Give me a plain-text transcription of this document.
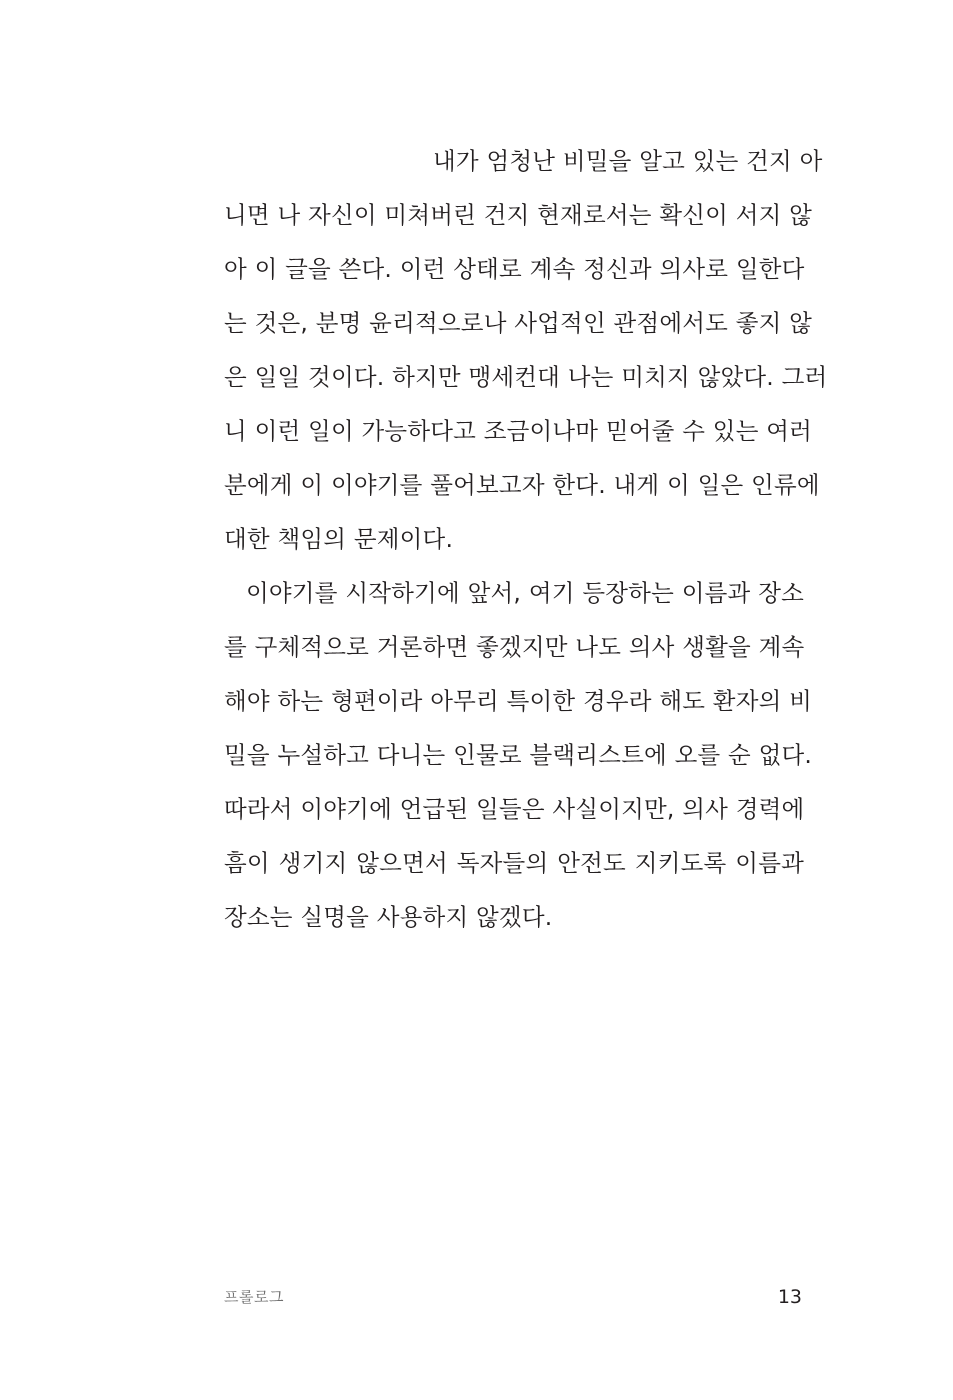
내가 엄청난 비밀을 알고 있는 건지 아
니면 나 자신이 미쳐버린 건지 현재로서는 확신이 서지 않
아 이 글을 쓴다. 이런 상태로 계속 정신과 의사로 일한다
는 것은, 분명 윤리적으로나 사업적인 관점에서도 좋지 않
은 일일 것이다. 하지만 맹세컨대 나는 미치지 않았다. 그러
니 이런 일이 가능하다고 조금이나마 믿어줄 수 있는 여러
분에게 이 이야기를 풀어보고자 한다. 내게 이 일은 인류에
대한 책임의 문제이다.
이야기를 시작하기에 앞서, 여기 등장하는 이름과 장소
를 구체적으로 거론하면 좋겠지만 나도 의사 생활을 계속
해야 하는 형편이라 아무리 특이한 경우라 해도 환자의 비
밀을 누설하고 다니는 인물로 블랙리스트에 오를 순 없다.
따라서 이야기에 언급된 일들은 사실이지만, 의사 경력에
흠이 생기지 않으면서 독자들의 안전도 지키도록 이름과
장소는 실명을 사용하지 않겠다.
프롤로그	13
